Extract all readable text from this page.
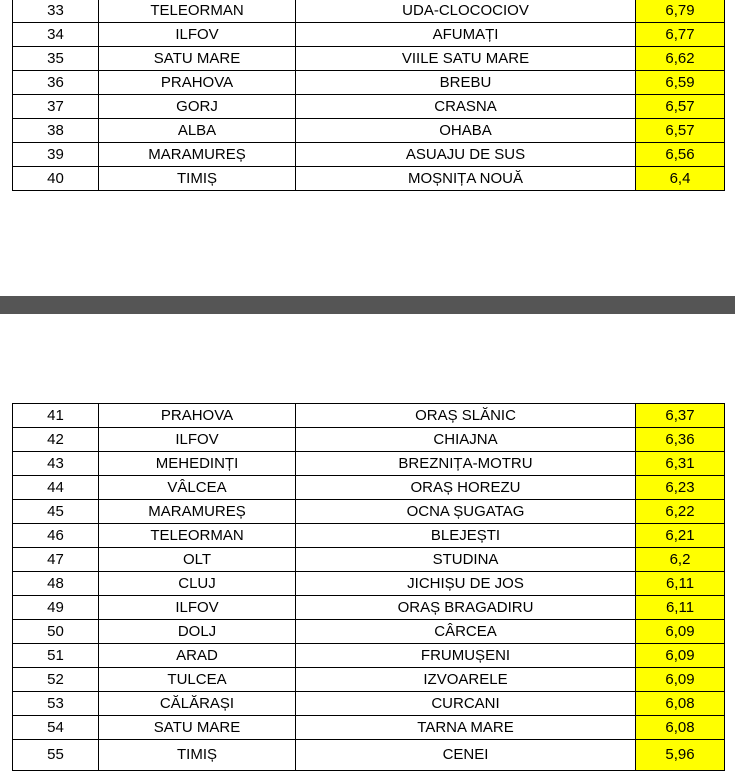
33	TELEORMAN	UDA-CLOCOCIOV	6,79
34	ILFOV	AFUMAȚI	6,77
35	SATU MARE	VIILE SATU MARE	6,62
36	PRAHOVA	BREBU	6,59
37	GORJ	CRASNA	6,57
38	ALBA	OHABA	6,57
39	MARAMUREȘ	ASUAJU DE SUS	6,56
40	TIMIȘ	MOȘNIȚA NOUĂ	6,4
41	PRAHOVA	ORAȘ SLĂNIC	6,37
42	ILFOV	CHIAJNA	6,36
43	MEHEDINȚI	BREZNIȚA-MOTRU	6,31
44	VÂLCEA	ORAȘ HOREZU	6,23
45	MARAMUREȘ	OCNA ȘUGATAG	6,22
46	TELEORMAN	BLEJEȘTI	6,21
47	OLT	STUDINA	6,2
48	CLUJ	JICHIȘU DE JOS	6,11
49	ILFOV	ORAȘ BRAGADIRU	6,11
50	DOLJ	CÂRCEA	6,09
51	ARAD	FRUMUȘENI	6,09
52	TULCEA	IZVOARELE	6,09
53	CĂLĂRAȘI	CURCANI	6,08
54	SATU MARE	TARNA MARE	6,08
55	TIMIȘ	CENEI	5,96
